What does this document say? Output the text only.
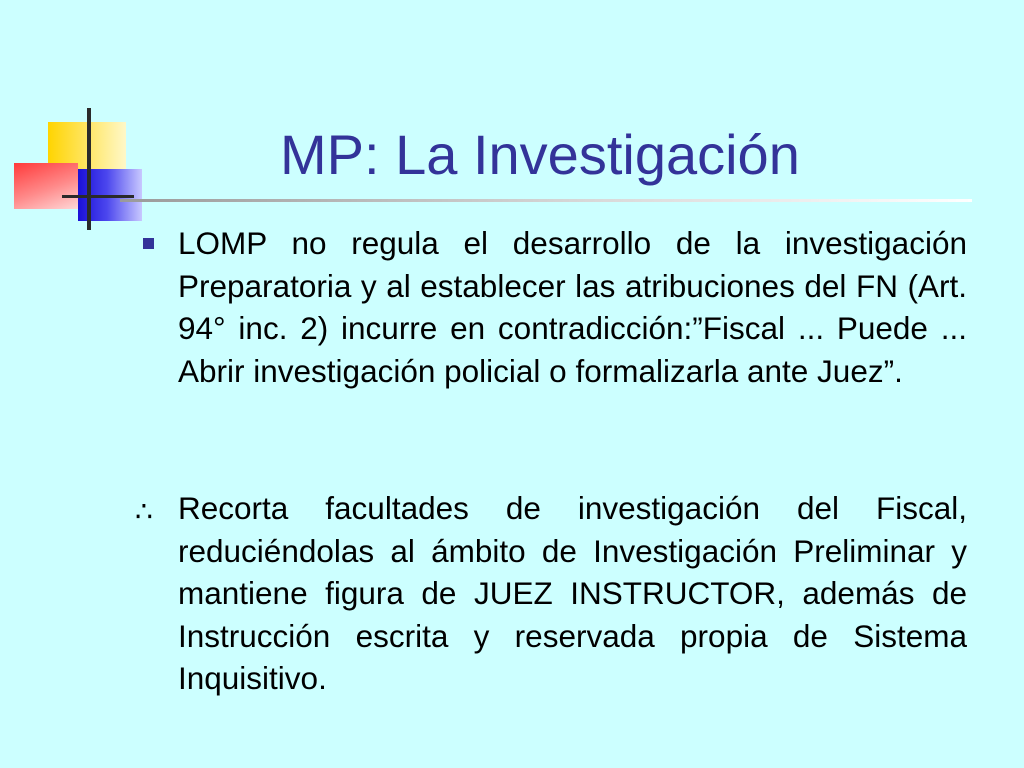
MP: La Investigación

LOMP no regula el desarrollo de la investigación Preparatoria y al establecer las atribuciones del FN (Art. 94° inc. 2) incurre en contradicción:”Fiscal ... Puede ... Abrir investigación policial o formalizarla ante Juez”.

∴ Recorta facultades de investigación del Fiscal, reduciéndolas al ámbito de Investigación Preliminar y mantiene figura de JUEZ INSTRUCTOR, además de Instrucción escrita y reservada propia de Sistema Inquisitivo.
